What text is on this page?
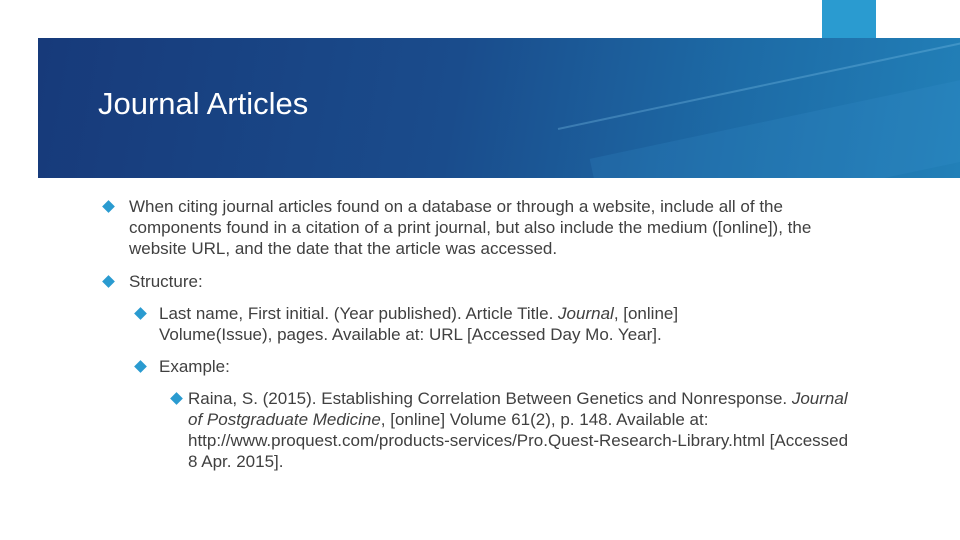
Journal Articles
When citing journal articles found on a database or through a website, include all of the components found in a citation of a print journal, but also include the medium ([online]), the website URL, and the date that the article was accessed.
Structure:
Last name, First initial. (Year published). Article Title. Journal, [online] Volume(Issue), pages. Available at: URL [Accessed Day Mo. Year].
Example:
Raina, S. (2015). Establishing Correlation Between Genetics and Nonresponse. Journal of Postgraduate Medicine, [online] Volume 61(2), p. 148. Available at: http://www.proquest.com/products-services/Pro.Quest-Research-Library.html [Accessed 8 Apr. 2015].
